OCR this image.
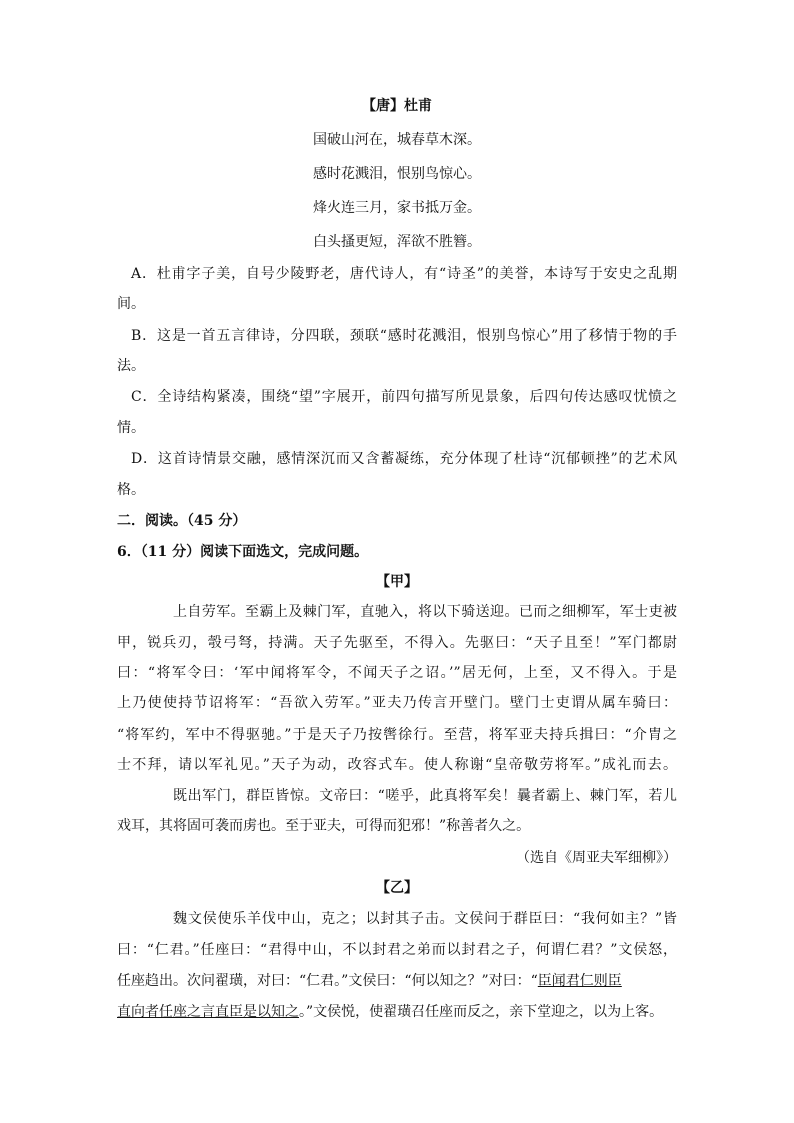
【唐】杜甫
国破山河在，城春草木深。
感时花溅泪，恨别鸟惊心。
烽火连三月，家书抵万金。
白头搔更短，浑欲不胜簪。
A．杜甫字子美，自号少陵野老，唐代诗人，有“诗圣”的美誉，本诗写于安史之乱期
间。
B．这是一首五言律诗，分四联，颈联“感时花溅泪，恨别鸟惊心”用了移情于物的手
法。
C．全诗结构紧凑，围绕“望”字展开，前四句描写所见景象，后四句传达感叹忧愤之
情。
D．这首诗情景交融，感情深沉而又含蓄凝练，充分体现了杜诗“沉郁顿挫”的艺术风
格。
二．阅读。（45 分）
6．（11 分）阅读下面选文，完成问题。
【甲】
上自劳军。至霸上及棘门军，直驰入，将以下骑送迎。已而之细柳军，军士吏被
甲，锐兵刃，彀弓弩，持满。天子先驱至，不得入。先驱曰：“天子且至！”军门都尉
曰：“将军令曰：‘军中闻将军令，不闻天子之诏。’”居无何，上至，又不得入。于是
上乃使使持节诏将军：“吾欲入劳军。”亚夫乃传言开壁门。壁门士吏谓从属车骑曰：
“将军约，军中不得驱驰。”于是天子乃按辔徐行。至营，将军亚夫持兵揖曰：“介胄之
士不拜，请以军礼见。”天子为动，改容式车。使人称谢“皇帝敬劳将军。”成礼而去。
既出军门，群臣皆惊。文帝曰：“嗟乎，此真将军矣！曩者霸上、棘门军，若儿
戏耳，其将固可袭而虏也。至于亚夫，可得而犯邪！”称善者久之。
（选自《周亚夫军细柳》）
【乙】
魏文侯使乐羊伐中山，克之；以封其子击。文侯问于群臣曰：“我何如主？”皆
曰：“仁君。”任座曰：“君得中山，不以封君之弟而以封君之子，何谓仁君？”文侯怒，
任座趋出。次问翟璜，对曰：“仁君。”文侯曰：“何以知之？”对曰：“臣闻君仁则臣
直向者任座之言直臣是以知之。”文侯悦，使翟璜召任座而反之，亲下堂迎之，以为上客。
